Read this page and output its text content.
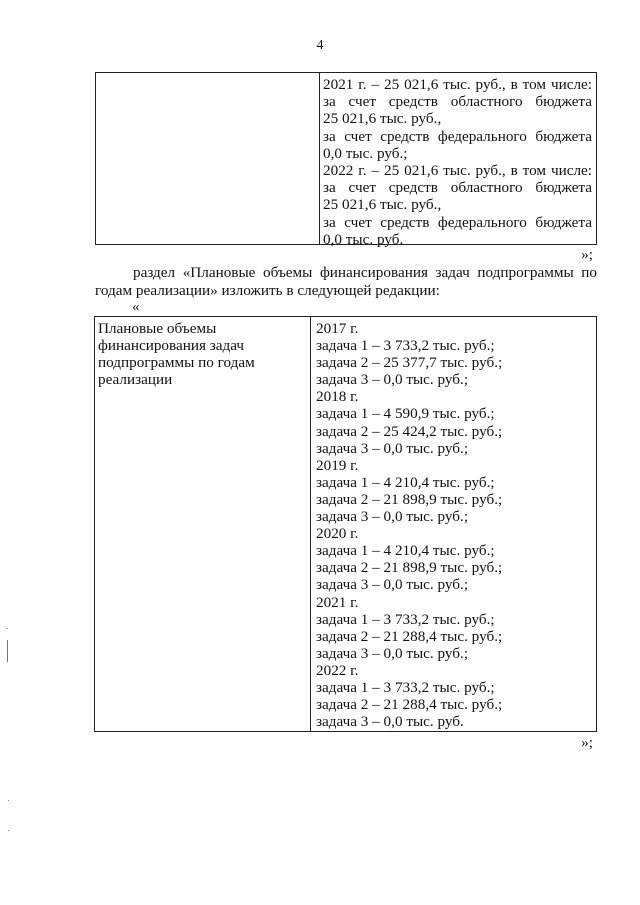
4
2021 г. – 25 021,6 тыс. руб., в том числе:
за счет средств областного бюджета
25 021,6 тыс. руб.,
за счет средств федерального бюджета
0,0 тыс. руб.;
2022 г. – 25 021,6 тыс. руб., в том числе:
за счет средств областного бюджета
25 021,6 тыс. руб.,
за счет средств федерального бюджета
0,0 тыс. руб.
»;
раздел «Плановые объемы финансирования задач подпрограммы по годам реализации» изложить в следующей редакции:
«
Плановые объемы
финансирования задач
подпрограммы по годам
реализации
2017 г.
задача 1 – 3 733,2 тыс. руб.;
задача 2 – 25 377,7 тыс. руб.;
задача 3 – 0,0 тыс. руб.;
2018 г.
задача 1 – 4 590,9 тыс. руб.;
задача 2 – 25 424,2 тыс. руб.;
задача 3 – 0,0 тыс. руб.;
2019 г.
задача 1 – 4 210,4 тыс. руб.;
задача 2 – 21 898,9 тыс. руб.;
задача 3 – 0,0 тыс. руб.;
2020 г.
задача 1 – 4 210,4 тыс. руб.;
задача 2 – 21 898,9 тыс. руб.;
задача 3 – 0,0 тыс. руб.;
2021 г.
задача 1 – 3 733,2 тыс. руб.;
задача 2 – 21 288,4 тыс. руб.;
задача 3 – 0,0 тыс. руб.;
2022 г.
задача 1 – 3 733,2 тыс. руб.;
задача 2 – 21 288,4 тыс. руб.;
задача 3 – 0,0 тыс. руб.
»;
